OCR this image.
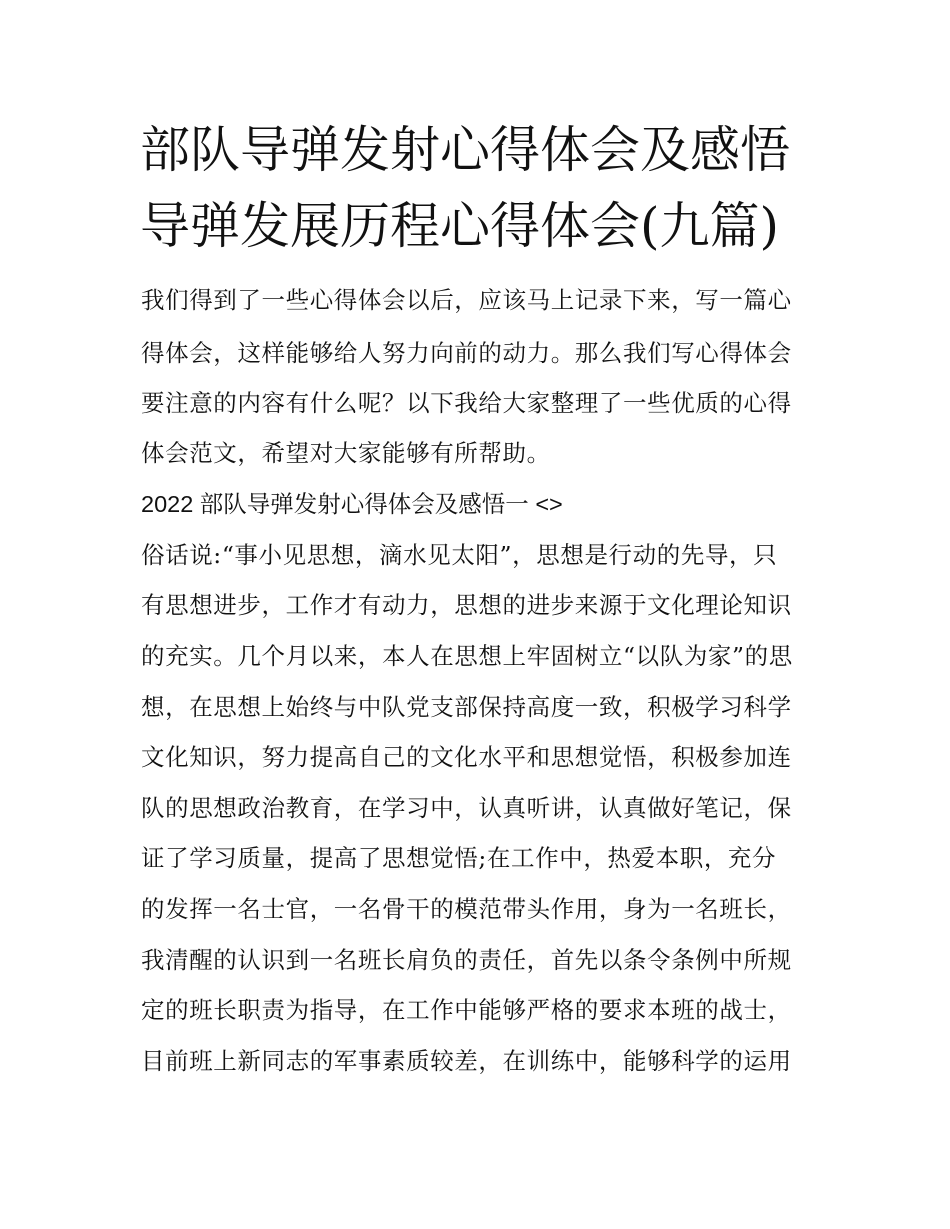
部队导弹发射心得体会及感悟
导弹发展历程心得体会(九篇)

我们得到了一些心得体会以后，应该马上记录下来，写一篇心

得体会，这样能够给人努力向前的动力。那么我们写心得体会

要注意的内容有什么呢？以下我给大家整理了一些优质的心得

体会范文，希望对大家能够有所帮助。

2022 部队导弹发射心得体会及感悟一 <>

俗话说:“事小见思想，滴水见太阳”，思想是行动的先导，只

有思想进步，工作才有动力，思想的进步来源于文化理论知识

的充实。几个月以来，本人在思想上牢固树立“以队为家”的思

想，在思想上始终与中队党支部保持高度一致，积极学习科学

文化知识，努力提高自己的文化水平和思想觉悟，积极参加连

队的思想政治教育，在学习中，认真听讲，认真做好笔记，保

证了学习质量，提高了思想觉悟;在工作中，热爱本职，充分

的发挥一名士官，一名骨干的模范带头作用，身为一名班长，

我清醒的认识到一名班长肩负的责任，首先以条令条例中所规

定的班长职责为指导，在工作中能够严格的要求本班的战士，

目前班上新同志的军事素质较差，在训练中，能够科学的运用
